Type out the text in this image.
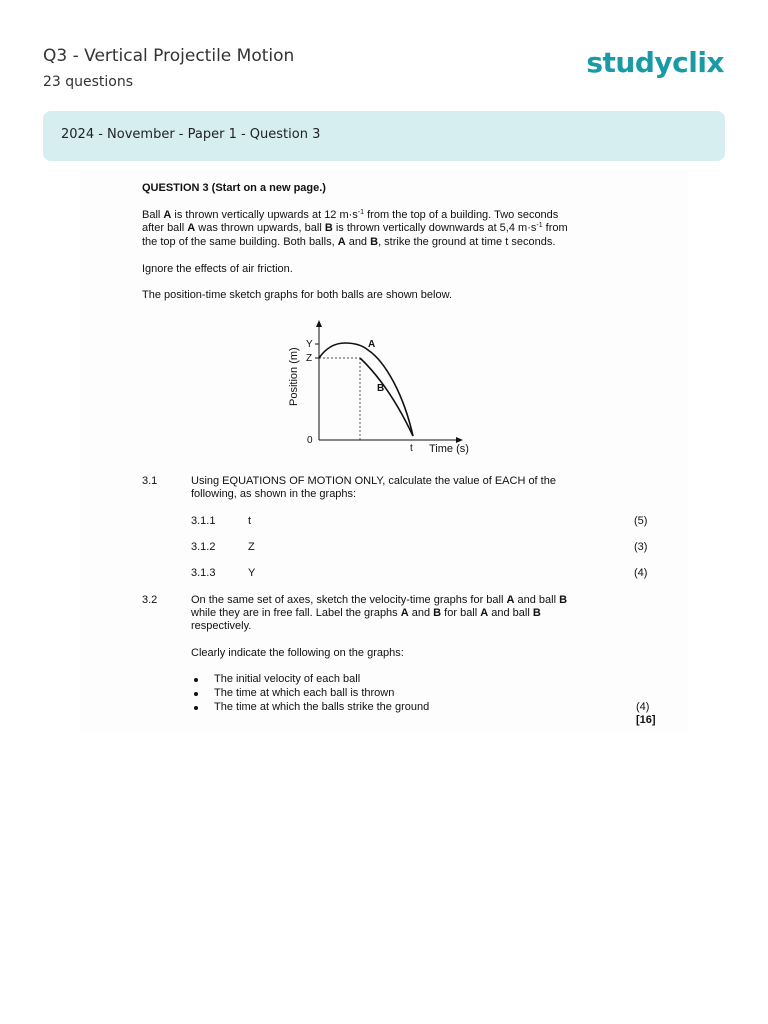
Q3 - Vertical Projectile Motion
23 questions
studyclix
2024 - November - Paper 1 - Question 3
QUESTION 3 (Start on a new page.)
Ball A is thrown vertically upwards at 12 $m\cdot s^{-1}$ from the top of a building. Two seconds
after ball A was thrown upwards, ball B is thrown vertically downwards at 5,4 $m\cdot s^{-1}$ from
the top of the same building. Both balls, A and B, strike the ground at time t seconds.
Ignore the effects of air friction.
The position-time sketch graphs for both balls are shown below.
Position (m)
Y
Z
0
t Time (s)
A
B
3.1	Using EQUATIONS OF MOTION ONLY, calculate the value of EACH of the
following, as shown in the graphs:
3.1.1	t	(5)
3.1.2	Z	(3)
3.1.3	Y	(4)
3.2	On the same set of axes, sketch the velocity-time graphs for ball A and ball B
while they are in free fall. Label the graphs A and B for ball A and ball B
respectively.
Clearly indicate the following on the graphs:
The initial velocity of each ball
The time at which each ball is thrown
The time at which the balls strike the ground	(4)
[16]
